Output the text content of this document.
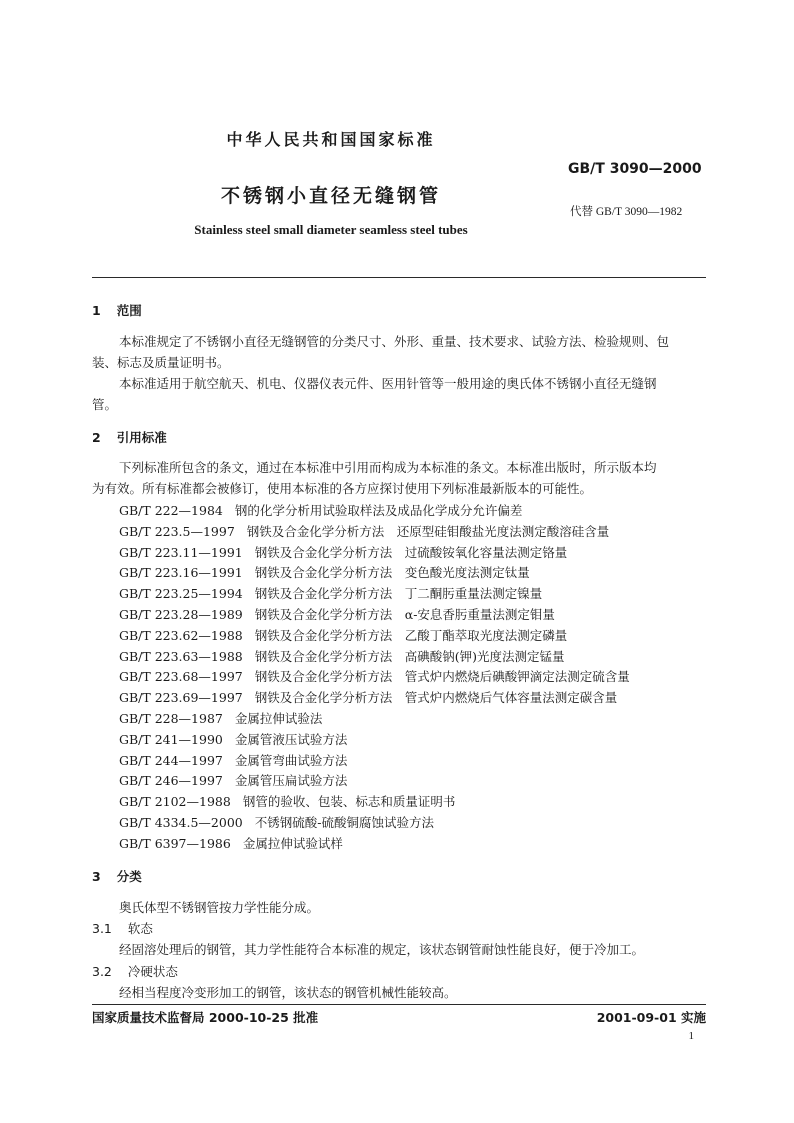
中华人民共和国国家标准
不锈钢小直径无缝钢管
Stainless steel small diameter seamless steel tubes
GB/T 3090—2000
代替 GB/T 3090—1982
1 范围
本标准规定了不锈钢小直径无缝钢管的分类尺寸、外形、重量、技术要求、试验方法、检验规则、包
装、标志及质量证明书。
本标准适用于航空航天、机电、仪器仪表元件、医用针管等一般用途的奥氏体不锈钢小直径无缝钢
管。
2 引用标准
下列标准所包含的条文，通过在本标准中引用而构成为本标准的条文。本标准出版时，所示版本均
为有效。所有标准都会被修订，使用本标准的各方应探讨使用下列标准最新版本的可能性。
GB/T 222—1984 钢的化学分析用试验取样法及成品化学成分允许偏差
GB/T 223.5—1997 钢铁及合金化学分析方法　还原型硅钼酸盐光度法测定酸溶硅含量
GB/T 223.11—1991 钢铁及合金化学分析方法　过硫酸铵氧化容量法测定铬量
GB/T 223.16—1991 钢铁及合金化学分析方法　变色酸光度法测定钛量
GB/T 223.25—1994 钢铁及合金化学分析方法　丁二酮肟重量法测定镍量
GB/T 223.28—1989 钢铁及合金化学分析方法　α-安息香肟重量法测定钼量
GB/T 223.62—1988 钢铁及合金化学分析方法　乙酸丁酯萃取光度法测定磷量
GB/T 223.63—1988 钢铁及合金化学分析方法　高碘酸钠(钾)光度法测定锰量
GB/T 223.68—1997 钢铁及合金化学分析方法　管式炉内燃烧后碘酸钾滴定法测定硫含量
GB/T 223.69—1997 钢铁及合金化学分析方法　管式炉内燃烧后气体容量法测定碳含量
GB/T 228—1987 金属拉伸试验法
GB/T 241—1990 金属管液压试验方法
GB/T 244—1997 金属管弯曲试验方法
GB/T 246—1997 金属管压扁试验方法
GB/T 2102—1988 钢管的验收、包装、标志和质量证明书
GB/T 4334.5—2000 不锈钢硫酸-硫酸铜腐蚀试验方法
GB/T 6397—1986 金属拉伸试验试样
3 分类
奥氏体型不锈钢管按力学性能分成。
3.1 软态
经固溶处理后的钢管，其力学性能符合本标准的规定，该状态钢管耐蚀性能良好，便于冷加工。
3.2 冷硬状态
经相当程度冷变形加工的钢管，该状态的钢管机械性能较高。
国家质量技术监督局 2000-10-25 批准	2001-09-01 实施
1
